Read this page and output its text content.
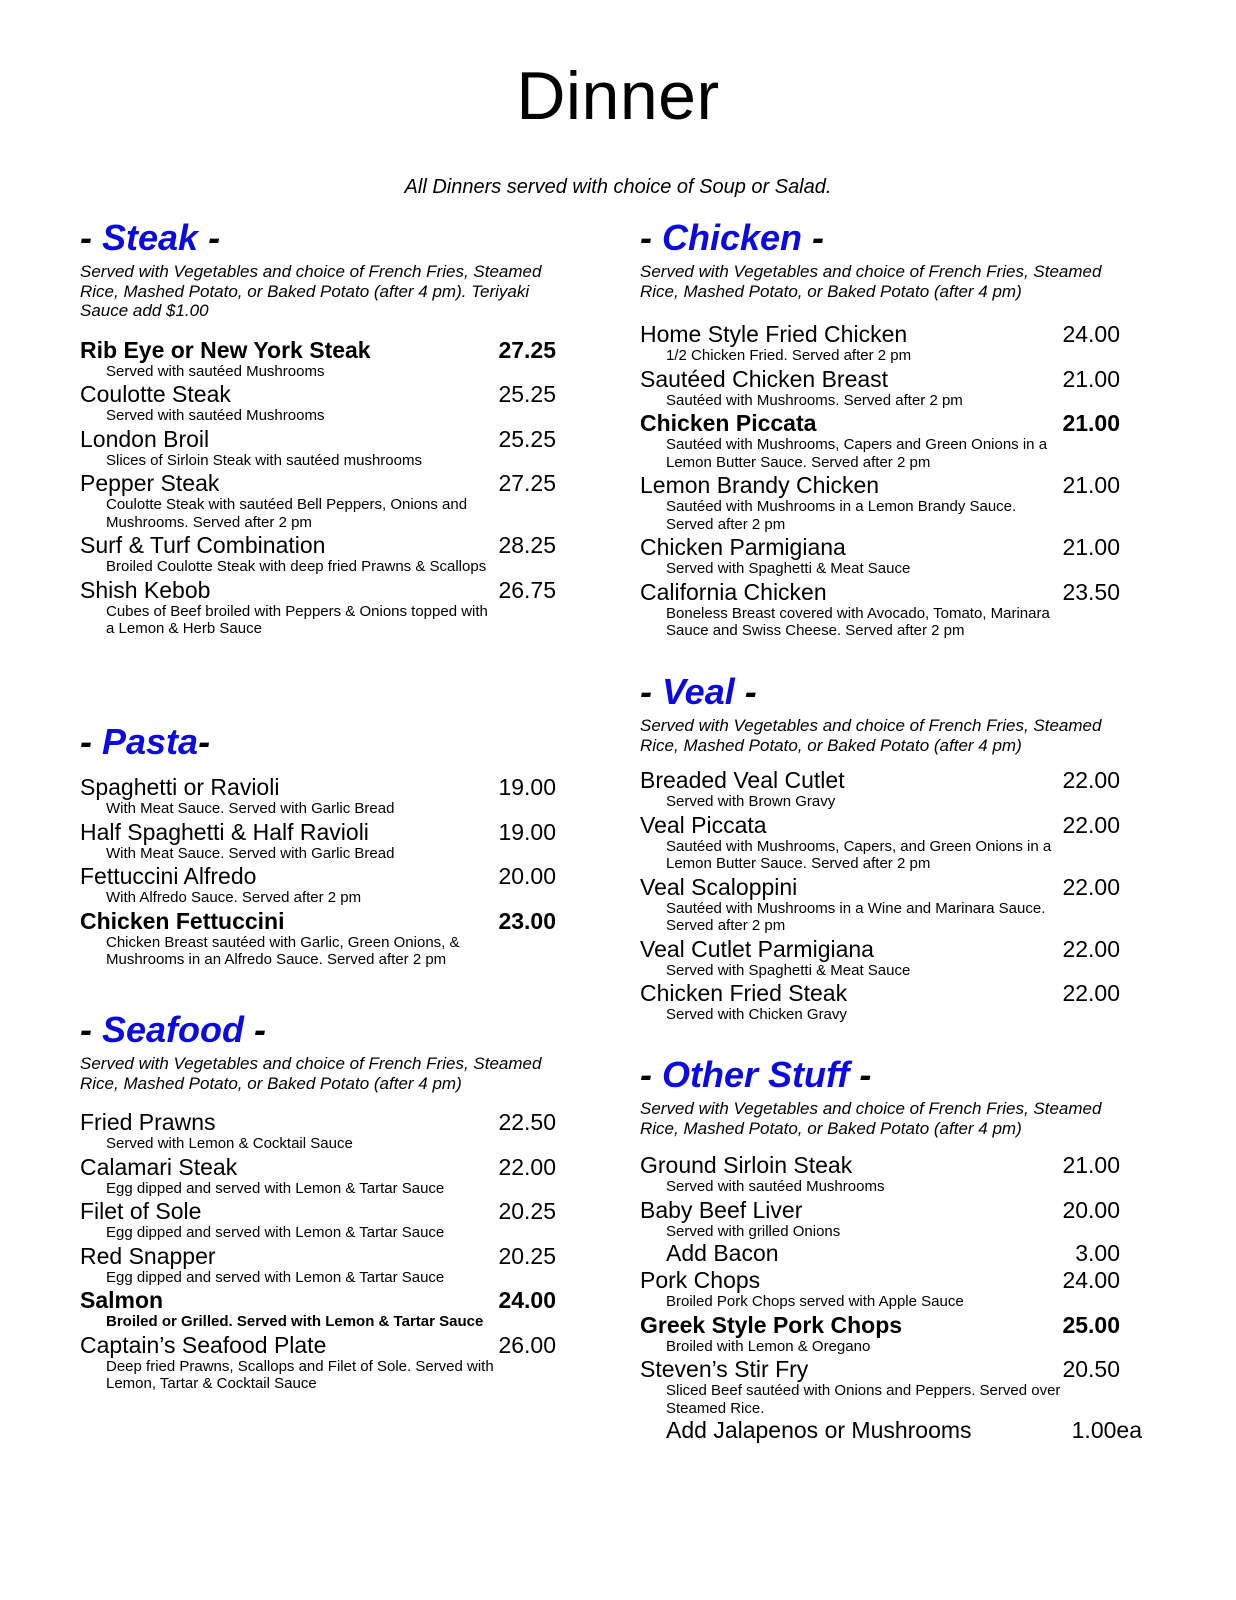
Dinner
All Dinners served with choice of Soup or Salad.
- Steak -
Served with Vegetables and choice of French Fries, Steamed Rice, Mashed Potato, or Baked Potato (after 4 pm). Teriyaki Sauce add $1.00
Rib Eye or New York Steak	27.25
Served with sautéed Mushrooms
Coulotte Steak	25.25
Served with sautéed Mushrooms
London Broil	25.25
Slices of Sirloin Steak with sautéed mushrooms
Pepper Steak	27.25
Coulotte Steak with sautéed Bell Peppers, Onions and Mushrooms. Served after 2 pm
Surf & Turf Combination	28.25
Broiled Coulotte Steak with deep fried Prawns & Scallops
Shish Kebob	26.75
Cubes of Beef broiled with Peppers & Onions topped with a Lemon & Herb Sauce
- Pasta-
Spaghetti or Ravioli	19.00
With Meat Sauce. Served with Garlic Bread
Half Spaghetti & Half Ravioli	19.00
With Meat Sauce. Served with Garlic Bread
Fettuccini Alfredo	20.00
With Alfredo Sauce. Served after 2 pm
Chicken Fettuccini	23.00
Chicken Breast sautéed with Garlic, Green Onions, & Mushrooms in an Alfredo Sauce. Served after 2 pm
- Seafood -
Served with Vegetables and choice of French Fries, Steamed Rice, Mashed Potato, or Baked Potato (after 4 pm)
Fried Prawns	22.50
Served with Lemon & Cocktail Sauce
Calamari Steak	22.00
Egg dipped and served with Lemon & Tartar Sauce
Filet of Sole	20.25
Egg dipped and served with Lemon & Tartar Sauce
Red Snapper	20.25
Egg dipped and served with Lemon & Tartar Sauce
Salmon	24.00
Broiled or Grilled. Served with Lemon & Tartar Sauce
Captain’s Seafood Plate	26.00
Deep fried Prawns, Scallops and Filet of Sole. Served with Lemon, Tartar & Cocktail Sauce
- Chicken -
Served with Vegetables and choice of French Fries, Steamed Rice, Mashed Potato, or Baked Potato (after 4 pm)
Home Style Fried Chicken	24.00
1/2 Chicken Fried. Served after 2 pm
Sautéed Chicken Breast	21.00
Sautéed with Mushrooms. Served after 2 pm
Chicken Piccata	21.00
Sautéed with Mushrooms, Capers and Green Onions in a Lemon Butter Sauce. Served after 2 pm
Lemon Brandy Chicken	21.00
Sautéed with Mushrooms in a Lemon Brandy Sauce. Served after 2 pm
Chicken Parmigiana	21.00
Served with Spaghetti & Meat Sauce
California Chicken	23.50
Boneless Breast covered with Avocado, Tomato, Marinara Sauce and Swiss Cheese. Served after 2 pm
- Veal -
Served with Vegetables and choice of French Fries, Steamed Rice, Mashed Potato, or Baked Potato (after 4 pm)
Breaded Veal Cutlet	22.00
Served with Brown Gravy
Veal Piccata	22.00
Sautéed with Mushrooms, Capers, and Green Onions in a Lemon Butter Sauce. Served after 2 pm
Veal Scaloppini	22.00
Sautéed with Mushrooms in a Wine and Marinara Sauce. Served after 2 pm
Veal Cutlet Parmigiana	22.00
Served with Spaghetti & Meat Sauce
Chicken Fried Steak	22.00
Served with Chicken Gravy
- Other Stuff -
Served with Vegetables and choice of French Fries, Steamed Rice, Mashed Potato, or Baked Potato (after 4 pm)
Ground Sirloin Steak	21.00
Served with sautéed Mushrooms
Baby Beef Liver	20.00
Served with grilled Onions
Add Bacon	3.00
Pork Chops	24.00
Broiled Pork Chops served with Apple Sauce
Greek Style Pork Chops	25.00
Broiled with Lemon & Oregano
Steven’s Stir Fry	20.50
Sliced Beef sautéed with Onions and Peppers. Served over Steamed Rice.
Add Jalapenos or Mushrooms	1.00ea
